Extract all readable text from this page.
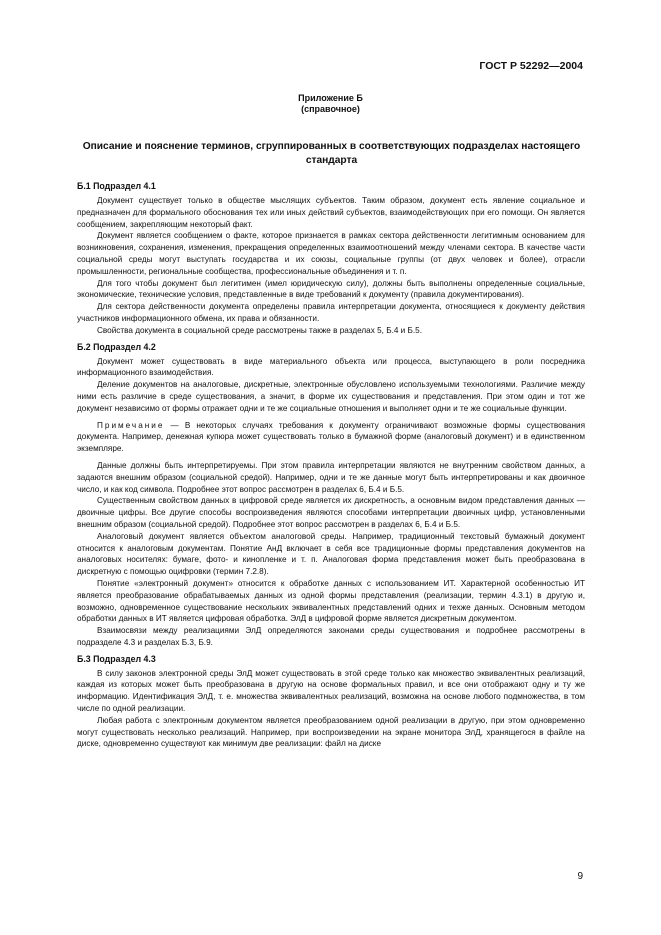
ГОСТ Р 52292—2004
Приложение Б
(справочное)
Описание и пояснение терминов, сгруппированных в соответствующих подразделах настоящего стандарта
Б.1 Подраздел 4.1

Документ существует только в обществе мыслящих субъектов. Таким образом, документ есть явление социальное и предназначен для формального обоснования тех или иных действий субъектов, взаимодействующих при его помощи. Он является сообщением, закрепляющим некоторый факт.

Документ является сообщением о факте, которое признается в рамках сектора действенности легитимным основанием для возникновения, сохранения, изменения, прекращения определенных взаимоотношений между членами сектора. В качестве части социальной среды могут выступать государства и их союзы, социальные группы (от двух человек и более), отрасли промышленности, региональные сообщества, профессиональные объединения и т. п.

Для того чтобы документ был легитимен (имел юридическую силу), должны быть выполнены определенные социальные, экономические, технические условия, представленные в виде требований к документу (правила документирования).

Для сектора действенности документа определены правила интерпретации документа, относящиеся к документу действия участников информационного обмена, их права и обязанности.

Свойства документа в социальной среде рассмотрены также в разделах 5, Б.4 и Б.5.

Б.2 Подраздел 4.2

Документ может существовать в виде материального объекта или процесса, выступающего в роли посредника информационного взаимодействия.

Деление документов на аналоговые, дискретные, электронные обусловлено используемыми технологиями. Различие между ними есть различие в среде существования, а значит, в форме их существования и представления. При этом один и тот же документ независимо от формы отражает одни и те же социальные отношения и выполняет одни и те же социальные функции.

Примечание — В некоторых случаях требования к документу ограничивают возможные формы существования документа. Например, денежная купюра может существовать только в бумажной форме (аналоговый документ) и в единственном экземпляре.

Данные должны быть интерпретируемы. При этом правила интерпретации являются не внутренним свойством данных, а задаются внешним образом (социальной средой). Например, одни и те же данные могут быть интерпретированы и как двоичное число, и как код символа. Подробнее этот вопрос рассмотрен в разделах 6, Б.4 и Б.5.

Существенным свойством данных в цифровой среде является их дискретность, а основным видом представления данных — двоичные цифры. Все другие способы воспроизведения являются способами интерпретации двоичных цифр, установленными внешним образом (социальной средой). Подробнее этот вопрос рассмотрен в разделах 6, Б.4 и Б.5.

Аналоговый документ является объектом аналоговой среды. Например, традиционный текстовый бумажный документ относится к аналоговым документам. Понятие АнД включает в себя все традиционные формы представления документов на аналоговых носителях: бумаге, фото- и кинопленке и т. п. Аналоговая форма представления может быть преобразована в дискретную с помощью оцифровки (термин 7.2.8).

Понятие «электронный документ» относится к обработке данных с использованием ИТ. Характерной особенностью ИТ является преобразование обрабатываемых данных из одной формы представления (реализации, термин 4.3.1) в другую и, возможно, одновременное существование нескольких эквивалентных представлений одних и техже данных. Основным методом обработки данных в ИТ является цифровая обработка. ЭлД в цифровой форме является дискретным документом.

Взаимосвязи между реализациями ЭлД определяются законами среды существования и подробнее рассмотрены в подразделе 4.3 и разделах Б.3, Б.9.

Б.3 Подраздел 4.3

В силу законов электронной среды ЭлД может существовать в этой среде только как множество эквивалентных реализаций, каждая из которых может быть преобразована в другую на основе формальных правил, и все они отображают одну и ту же информацию. Идентификация ЭлД, т. е. множества эквивалентных реализаций, возможна на основе любого подмножества, в том числе по одной реализации.

Любая работа с электронным документом является преобразованием одной реализации в другую, при этом одновременно могут существовать несколько реализаций. Например, при воспроизведении на экране монитора ЭлД, хранящегося в файле на диске, одновременно существуют как минимум две реализации: файл на диске

9
